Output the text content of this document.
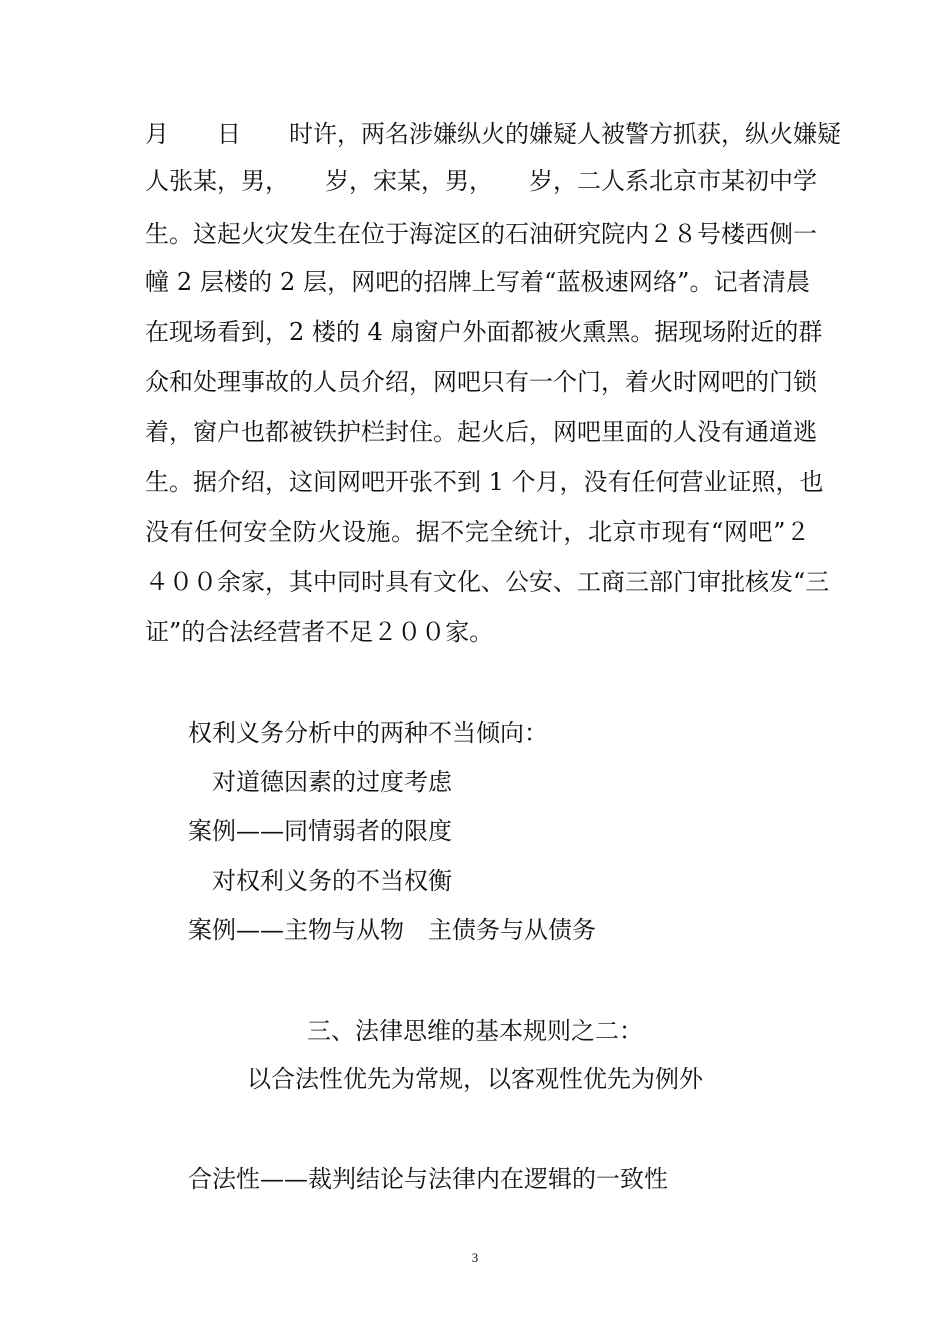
月　　日　　时许，两名涉嫌纵火的嫌疑人被警方抓获，纵火嫌疑
人张某，男，　　岁，宋某，男，　　岁，二人系北京市某初中学
生。这起火灾发生在位于海淀区的石油研究院内２８号楼西侧一
幢 2 层楼的 2 层，网吧的招牌上写着“蓝极速网络”。记者清晨
在现场看到，2 楼的 4 扇窗户外面都被火熏黑。据现场附近的群
众和处理事故的人员介绍，网吧只有一个门，着火时网吧的门锁
着，窗户也都被铁护栏封住。起火后，网吧里面的人没有通道逃
生。据介绍，这间网吧开张不到 1 个月，没有任何营业证照，也
没有任何安全防火设施。据不完全统计，北京市现有“网吧”２
４００余家，其中同时具有文化、公安、工商三部门审批核发“三
证”的合法经营者不足２００家。
权利义务分析中的两种不当倾向：
对道德因素的过度考虑
案例——同情弱者的限度
对权利义务的不当权衡
案例——主物与从物　主债务与从债务
三、法律思维的基本规则之二：
以合法性优先为常规，以客观性优先为例外
合法性——裁判结论与法律内在逻辑的一致性
3
